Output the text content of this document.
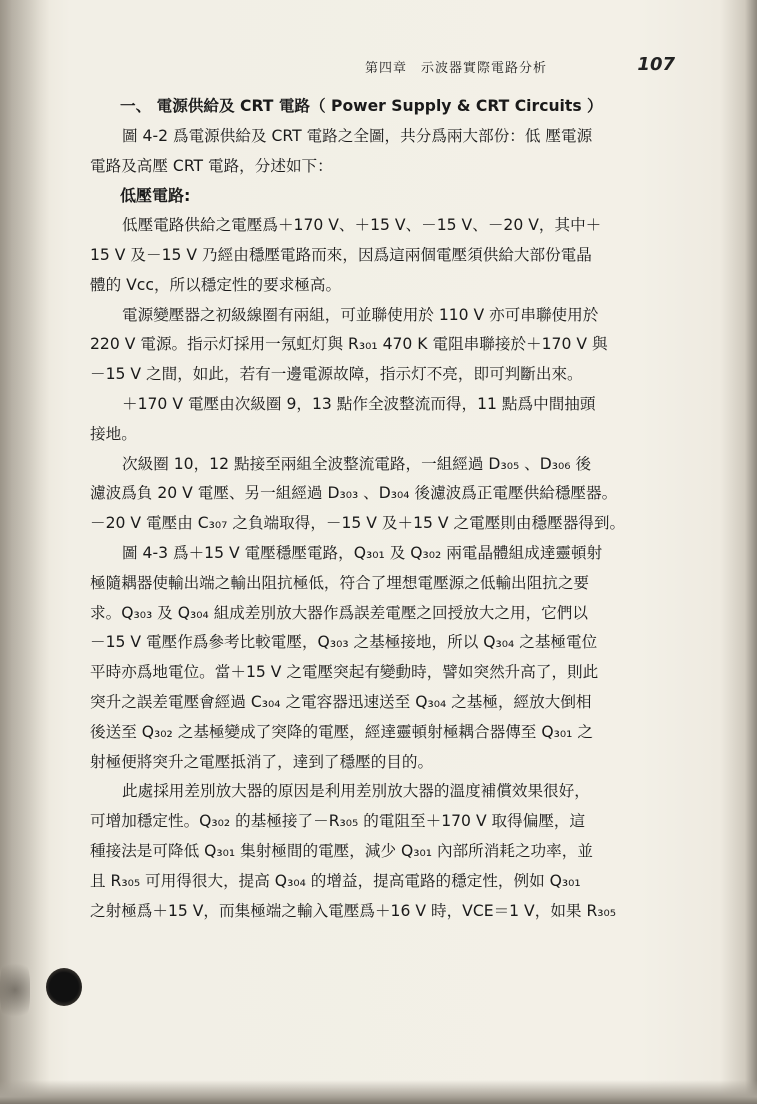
第四章　示波器實際電路分析	107
一、 電源供給及 CRT 電路（ Power Supply & CRT Circuits ）
圖 4-2 爲電源供給及 CRT 電路之全圖，共分爲兩大部份：低 壓電源
電路及高壓 CRT 電路，分述如下：
低壓電路:
低壓電路供給之電壓爲＋170 V、＋15 V、－15 V、－20 V，其中＋
15 V 及－15 V 乃經由穩壓電路而來，因爲這兩個電壓須供給大部份電晶
體的 Vcc，所以穩定性的要求極高。
電源變壓器之初級線圈有兩組，可並聯使用於 110 V 亦可串聯使用於
220 V 電源。指示灯採用一氖虹灯與 R₃₀₁ 470 K 電阻串聯接於＋170 V 與
－15 V 之間，如此，若有一邊電源故障，指示灯不亮，即可判斷出來。
＋170 V 電壓由次級圈 9，13 點作全波整流而得，11 點爲中間抽頭
接地。
次級圈 10，12 點接至兩組全波整流電路，一組經過 D₃₀₅ 、D₃₀₆ 後
濾波爲負 20 V 電壓、另一組經過 D₃₀₃ 、D₃₀₄ 後濾波爲正電壓供給穩壓器。
－20 V 電壓由 C₃₀₇ 之負端取得，－15 V 及＋15 V 之電壓則由穩壓器得到。
圖 4-3 爲＋15 V 電壓穩壓電路，Q₃₀₁ 及 Q₃₀₂ 兩電晶體組成達靈頓射
極隨耦器使輸出端之輸出阻抗極低，符合了埋想電壓源之低輸出阻抗之要
求。Q₃₀₃ 及 Q₃₀₄ 組成差別放大器作爲誤差電壓之回授放大之用，它們以
－15 V 電壓作爲參考比較電壓，Q₃₀₃ 之基極接地，所以 Q₃₀₄ 之基極電位
平時亦爲地電位。當＋15 V 之電壓突起有變動時，譬如突然升高了，則此
突升之誤差電壓會經過 C₃₀₄ 之電容器迅速送至 Q₃₀₄ 之基極，經放大倒相
後送至 Q₃₀₂ 之基極變成了突降的電壓，經達靈頓射極耦合器傳至 Q₃₀₁ 之
射極便將突升之電壓抵消了，達到了穩壓的目的。
此處採用差別放大器的原因是利用差別放大器的溫度補償效果很好，
可增加穩定性。Q₃₀₂ 的基極接了－R₃₀₅ 的電阻至＋170 V 取得偏壓，這
種接法是可降低 Q₃₀₁ 集射極間的電壓，減少 Q₃₀₁ 內部所消耗之功率，並
且 R₃₀₅ 可用得很大，提高 Q₃₀₄ 的增益，提高電路的穩定性，例如 Q₃₀₁
之射極爲＋15 V，而集極端之輸入電壓爲＋16 V 時，VCE＝1 V，如果 R₃₀₅
